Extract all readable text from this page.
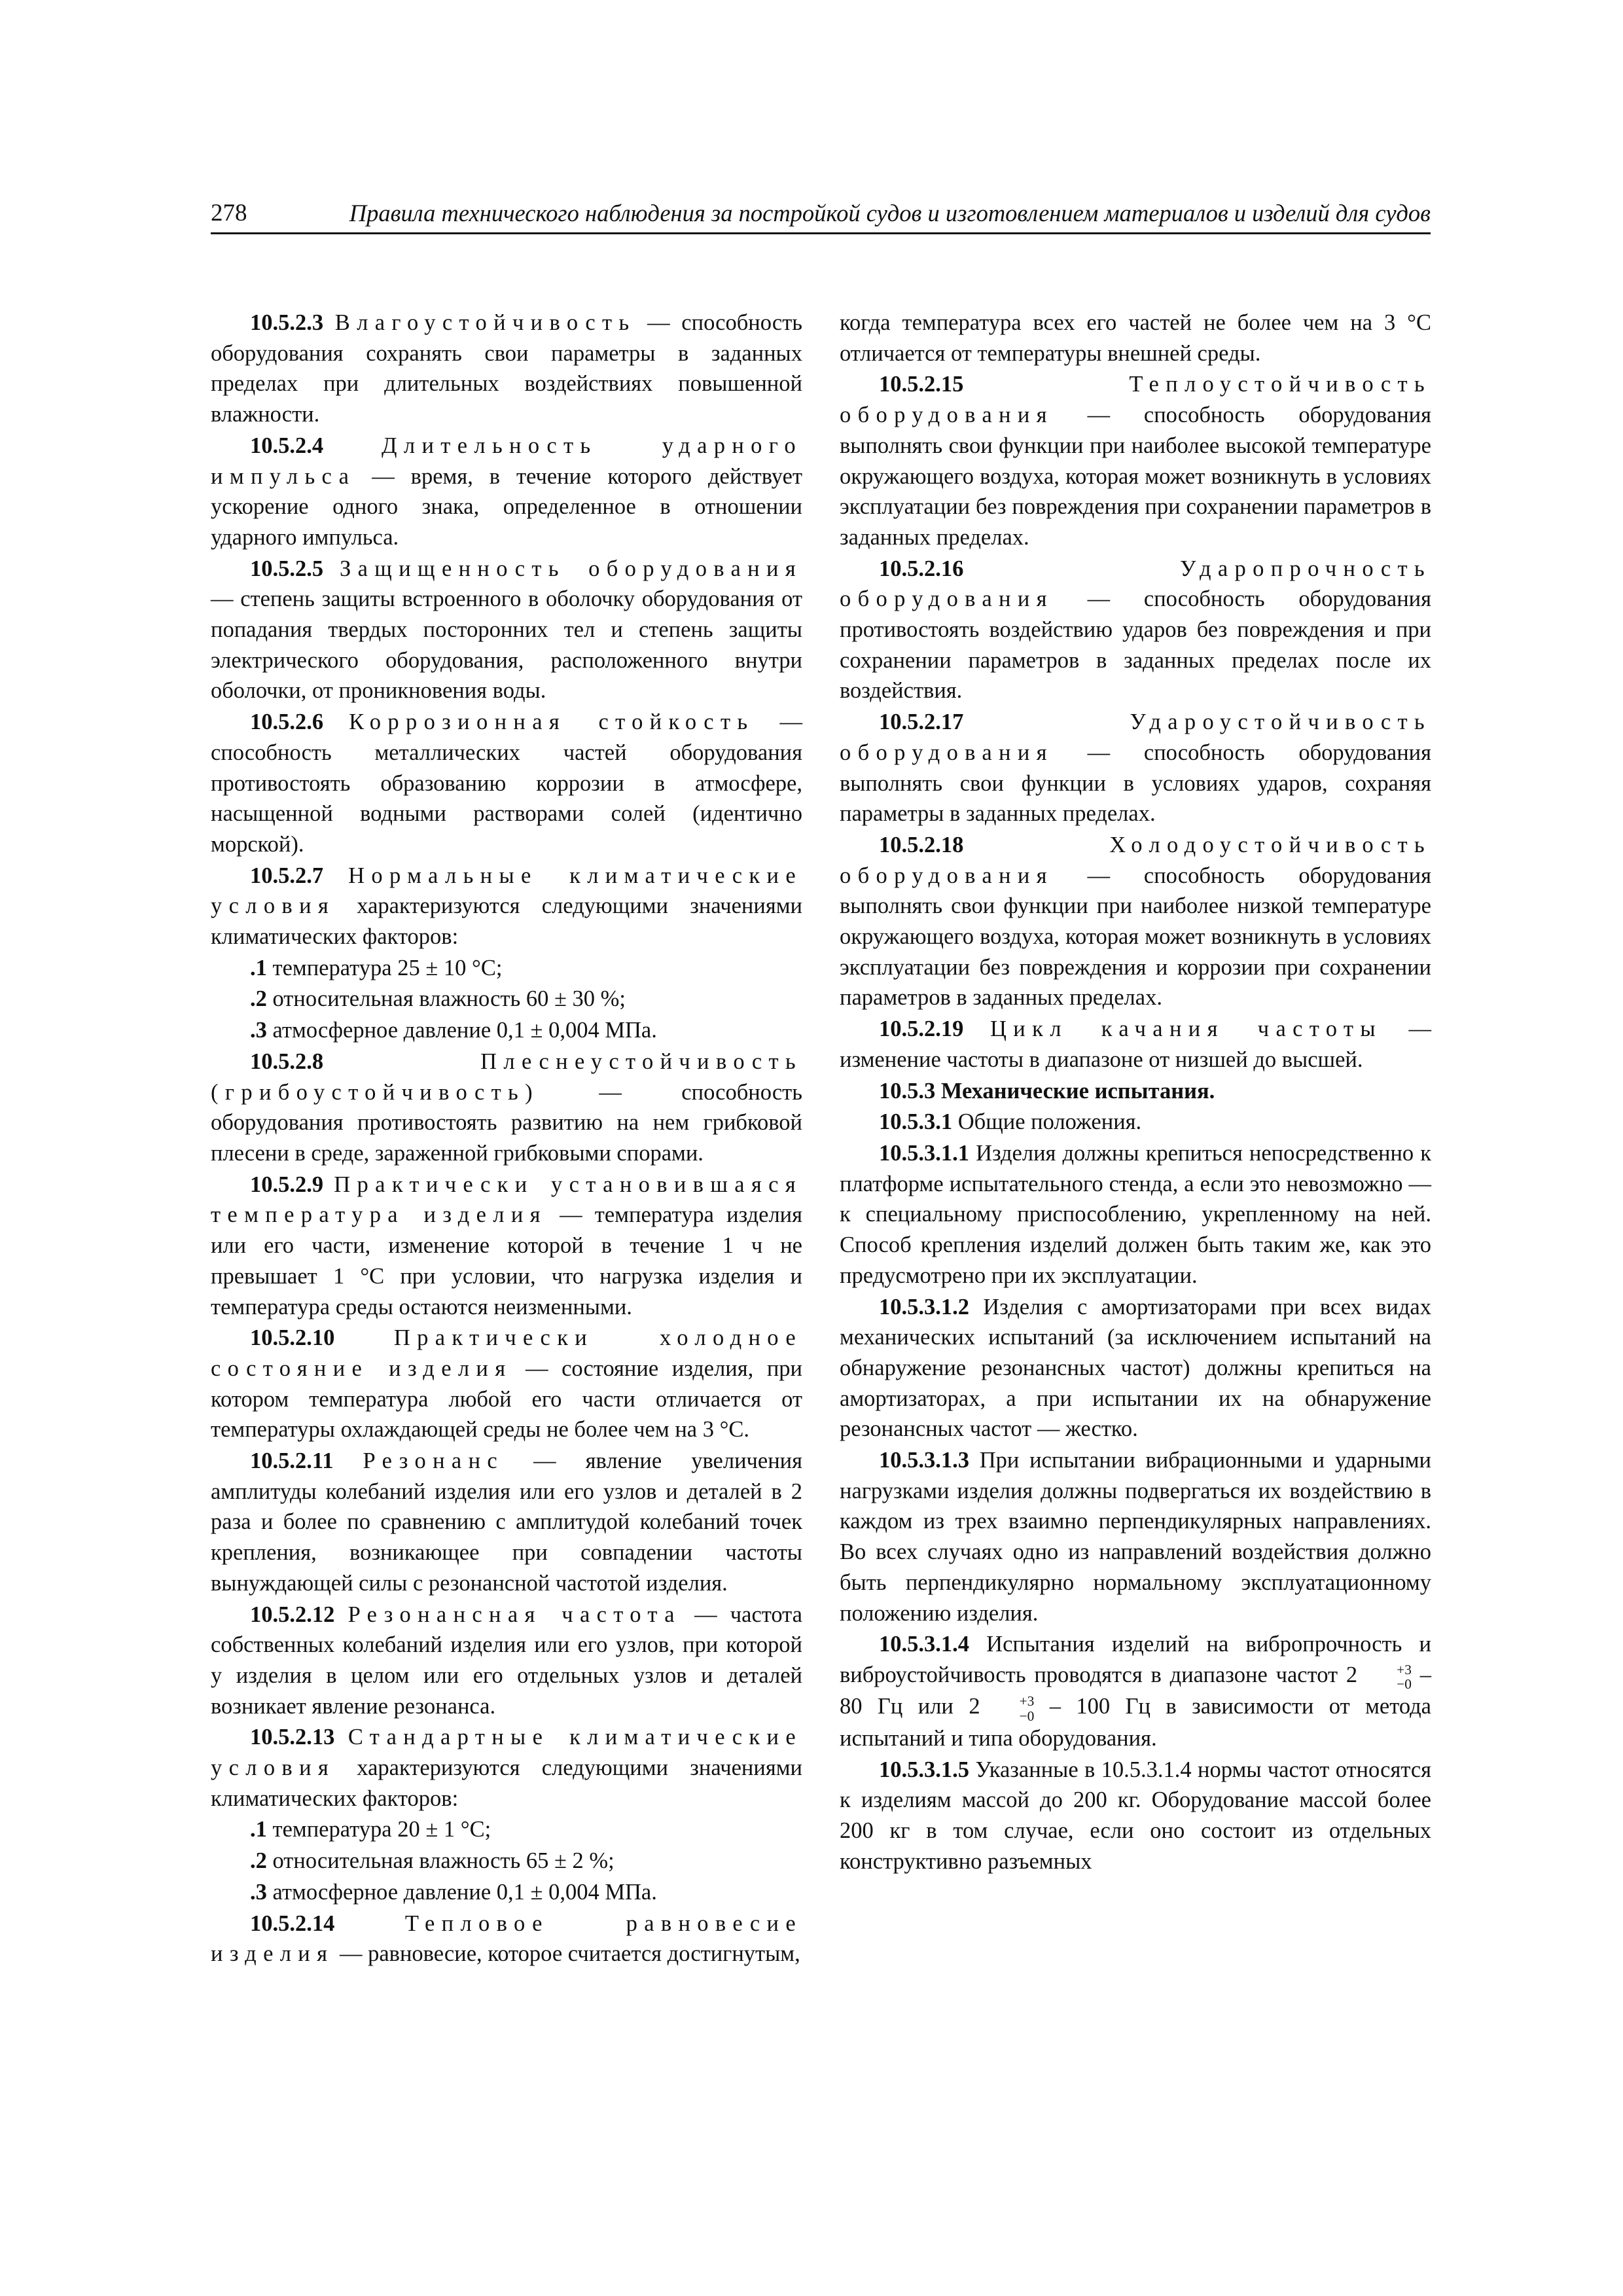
278	Правила технического наблюдения за постройкой судов и изготовлением материалов и изделий для судов

10.5.2.3 Влагоустойчивость — способность оборудования сохранять свои параметры в заданных пределах при длительных воздействиях повышенной влажности.

10.5.2.4	Длительность ударного импульса — время, в течение которого действует ускорение одного знака, определенное в отношении ударного импульса.

10.5.2.5 Защищенность оборудования — степень защиты встроенного в оболочку оборудования от попадания твердых посторонних тел и степень защиты электрического оборудования, расположенного внутри оболочки, от проникновения воды.

10.5.2.6 Коррозионная стойкость — способность металлических частей оборудования противостоять образованию коррозии в атмосфере, насыщенной водными растворами солей (идентично морской).

10.5.2.7 Нормальные климатические условия характеризуются следующими значениями климатических факторов:

.1 температура 25 ± 10 °С;

.2 относительная влажность 60 ± 30 %;

.3 атмосферное давление 0,1 ± 0,004 МПа.

10.5.2.8	Плеснеустойчивость (грибоустойчивость) — способность оборудования противостоять развитию на нем грибковой плесени в среде, зараженной грибковыми спорами.

10.5.2.9 Практически установившаяся температура изделия — температура изделия или его части, изменение которой в течение 1 ч не превышает 1 °С при условии, что нагрузка изделия и температура среды остаются неизменными.

10.5.2.10	Практически холодное состояние изделия — состояние изделия, при котором температура любой его части отличается от температуры охлаждающей среды не более чем на 3 °С.

10.5.2.11 Резонанс — явление увеличения амплитуды колебаний изделия или его узлов и деталей в 2 раза и более по сравнению с амплитудой колебаний точек крепления, возникающее при совпадении частоты вынуждающей силы с резонансной частотой изделия.

10.5.2.12 Резонансная частота — частота собственных колебаний изделия или его узлов, при которой у изделия в целом или его отдельных узлов и деталей возникает явление резонанса.

10.5.2.13 Стандартные климатические условия характеризуются следующими значениями климатических факторов:

.1 температура 20 ± 1 °С;

.2 относительная влажность 65 ± 2 %;

.3 атмосферное давление 0,1 ± 0,004 МПа.

10.5.2.14	Тепловое равновесие изделия — равновесие, которое считается достигнутым,

когда температура всех его частей не более чем на 3 °С отличается от температуры внешней среды.

10.5.2.15	Теплоустойчивость оборудования — способность оборудования выполнять свои функции при наиболее высокой температуре окружающего воздуха, которая может возникнуть в условиях эксплуатации без повреждения при сохранении параметров в заданных пределах.

10.5.2.16	Ударопрочность оборудования — способность оборудования противостоять воздействию ударов без повреждения и при сохранении параметров в заданных пределах после их воздействия.

10.5.2.17	Удароустойчивость оборудования — способность оборудования выполнять свои функции в условиях ударов, сохраняя параметры в заданных пределах.

10.5.2.18	Холодоустойчивость оборудования — способность оборудования выполнять свои функции при наиболее низкой температуре окружающего воздуха, которая может возникнуть в условиях эксплуатации без повреждения и коррозии при сохранении параметров в заданных пределах.

10.5.2.19 Цикл качания частоты — изменение частоты в диапазоне от низшей до высшей.

10.5.3 Механические испытания.

10.5.3.1 Общие положения.

10.5.3.1.1 Изделия должны крепиться непосредственно к платформе испытательного стенда, а если это невозможно — к специальному приспособлению, укрепленному на ней. Способ крепления изделий должен быть таким же, как это предусмотрено при их эксплуатации.

10.5.3.1.2 Изделия с амортизаторами при всех видах механических испытаний (за исключением испытаний на обнаружение резонансных частот) должны крепиться на амортизаторах, а при испытании их на обнаружение резонансных частот — жестко.

10.5.3.1.3 При испытании вибрационными и ударными нагрузками изделия должны подвергаться их воздействию в каждом из трех взаимно перпендикулярных направлениях. Во всех случаях одно из направлений воздействия должно быть перпендикулярно нормальному эксплуатационному положению изделия.

10.5.3.1.4 Испытания изделий на вибропрочность и виброустойчивость проводятся в диапазоне частот 2	+3
−0 – 80 Гц или 2	+3
−0 – 100 Гц в зависимости от метода испытаний и типа оборудования.

10.5.3.1.5 Указанные в 10.5.3.1.4 нормы частот относятся к изделиям массой до 200 кг. Оборудование массой более 200 кг в том случае, если оно состоит из отдельных конструктивно разъемных
